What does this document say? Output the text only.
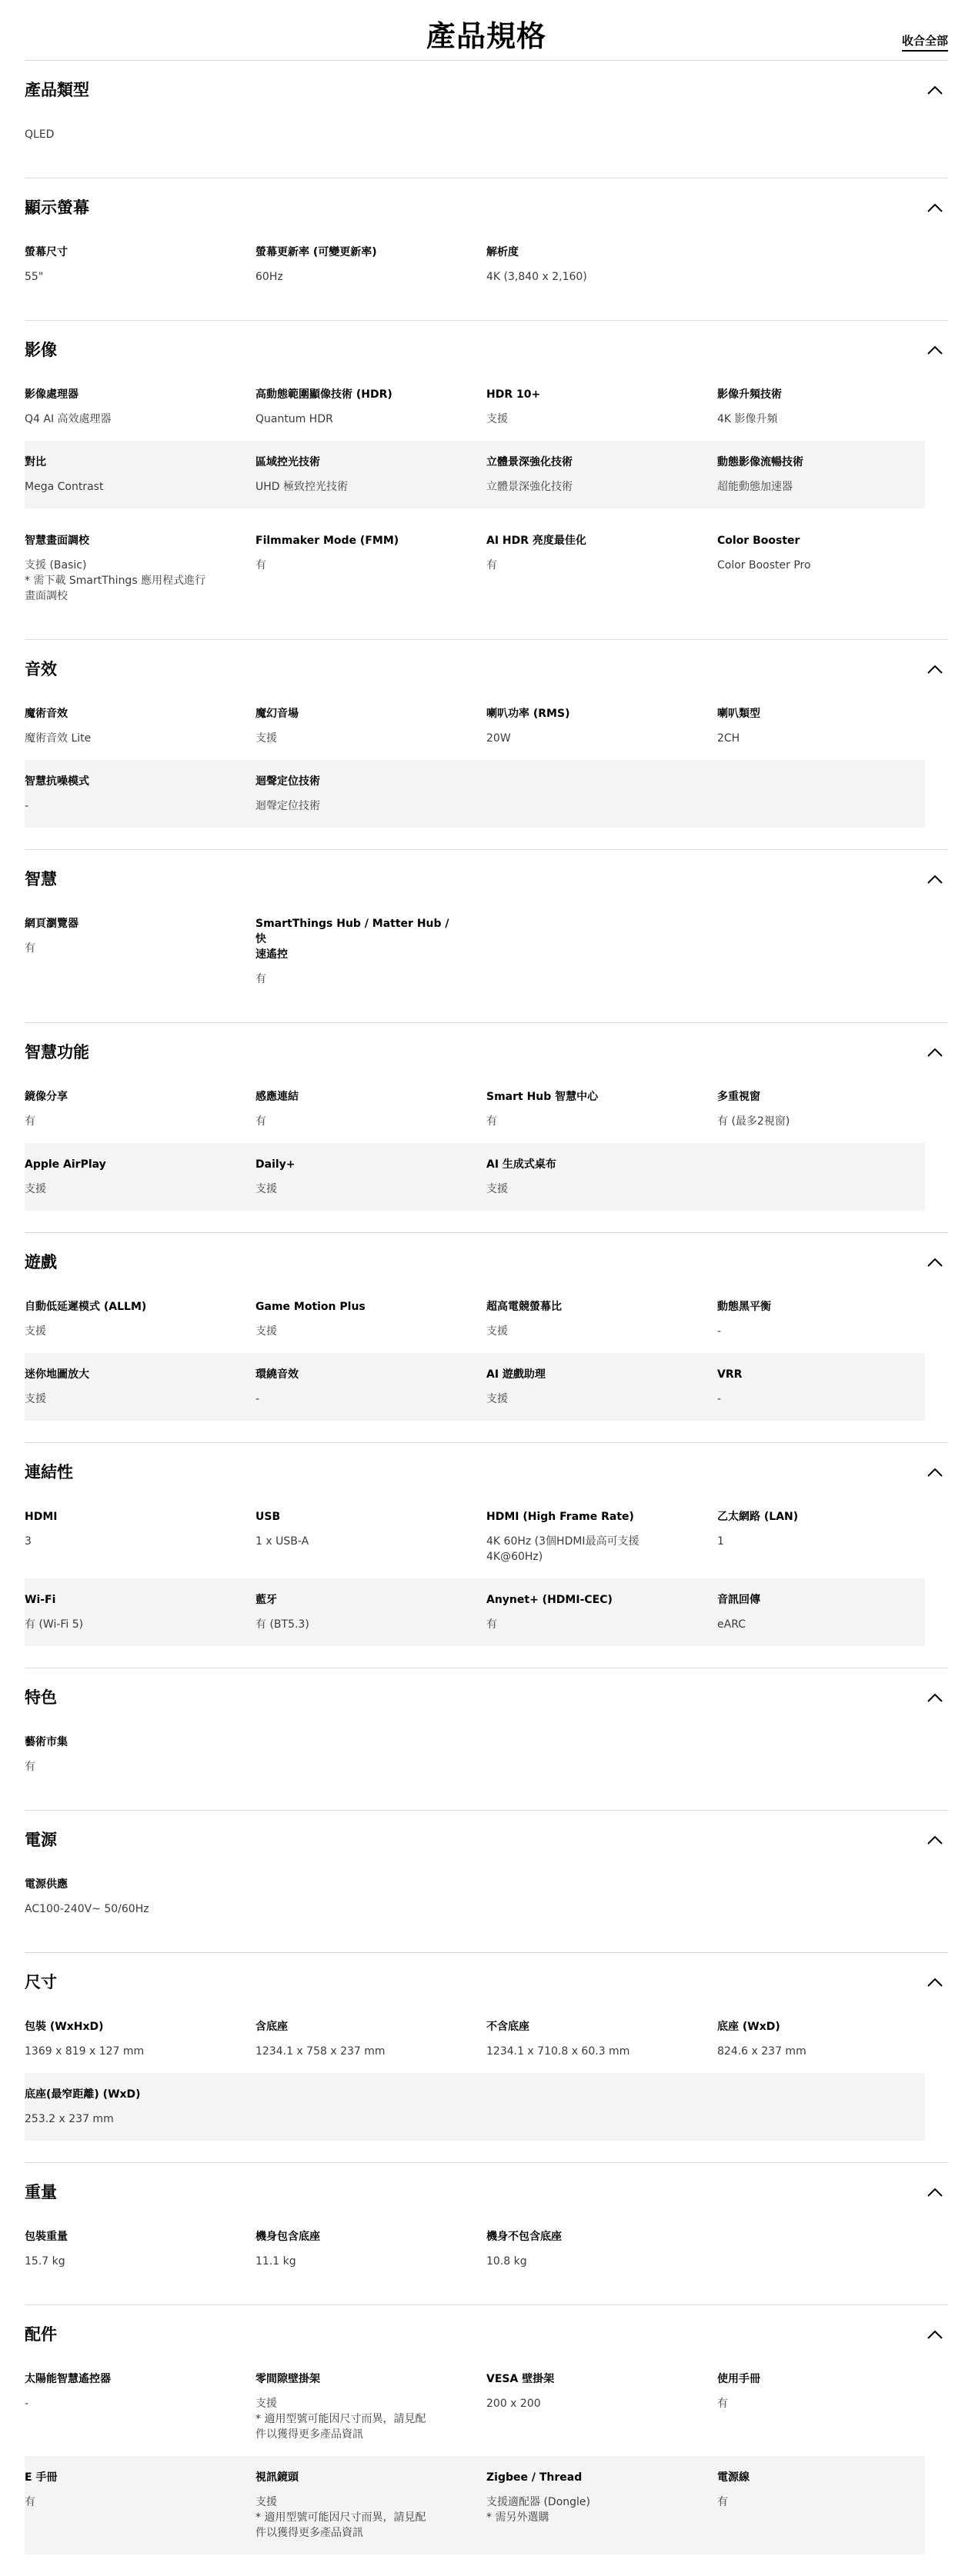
產品規格	收合全部
產品類型
QLED
顯示螢幕
螢幕尺寸
55"
螢幕更新率 (可變更新率)
60Hz
解析度
4K (3,840 x 2,160)
影像
影像處理器
Q4 AI 高效處理器
高動態範圍顯像技術 (HDR)
Quantum HDR
HDR 10+
支援
影像升頻技術
4K 影像升頻
對比
Mega Contrast
區域控光技術
UHD 極致控光技術
立體景深強化技術
立體景深強化技術
動態影像流暢技術
超能動態加速器
智慧畫面調校
支援 (Basic)
* 需下載 SmartThings 應用程式進行
畫面調校
Filmmaker Mode (FMM)
有
AI HDR 亮度最佳化
有
Color Booster
Color Booster Pro
音效
魔術音效
魔術音效 Lite
魔幻音場
支援
喇叭功率 (RMS)
20W
喇叭類型
2CH
智慧抗噪模式
-
迴聲定位技術
迴聲定位技術
智慧
網頁瀏覽器
有
SmartThings Hub / Matter Hub / 快
速遙控
有
智慧功能
鏡像分享
有
感應連結
有
Smart Hub 智慧中心
有
多重視窗
有 (最多2視窗)
Apple AirPlay
支援
Daily+
支援
AI 生成式桌布
支援
遊戲
自動低延遲模式 (ALLM)
支援
Game Motion Plus
支援
超高電競螢幕比
支援
動態黑平衡
-
迷你地圖放大
支援
環繞音效
-
AI 遊戲助理
支援
VRR
-
連結性
HDMI
3
USB
1 x USB-A
HDMI (High Frame Rate)
4K 60Hz (3個HDMI最高可支援
4K@60Hz)
乙太網路 (LAN)
1
Wi-Fi
有 (Wi-Fi 5)
藍牙
有 (BT5.3)
Anynet+ (HDMI-CEC)
有
音訊回傳
eARC
特色
藝術市集
有
電源
電源供應
AC100-240V~ 50/60Hz
尺寸
包裝 (WxHxD)
1369 x 819 x 127 mm
含底座
1234.1 x 758 x 237 mm
不含底座
1234.1 x 710.8 x 60.3 mm
底座 (WxD)
824.6 x 237 mm
底座(最窄距離) (WxD)
253.2 x 237 mm
重量
包裝重量
15.7 kg
機身包含底座
11.1 kg
機身不包含底座
10.8 kg
配件
太陽能智慧遙控器
-
零間隙壁掛架
支援
* 適用型號可能因尺寸而異，請見配
件以獲得更多產品資訊
VESA 壁掛架
200 x 200
使用手冊
有
E 手冊
有
視訊鏡頭
支援
* 適用型號可能因尺寸而異，請見配
件以獲得更多產品資訊
Zigbee / Thread
支援適配器 (Dongle)
* 需另外選購
電源線
有
